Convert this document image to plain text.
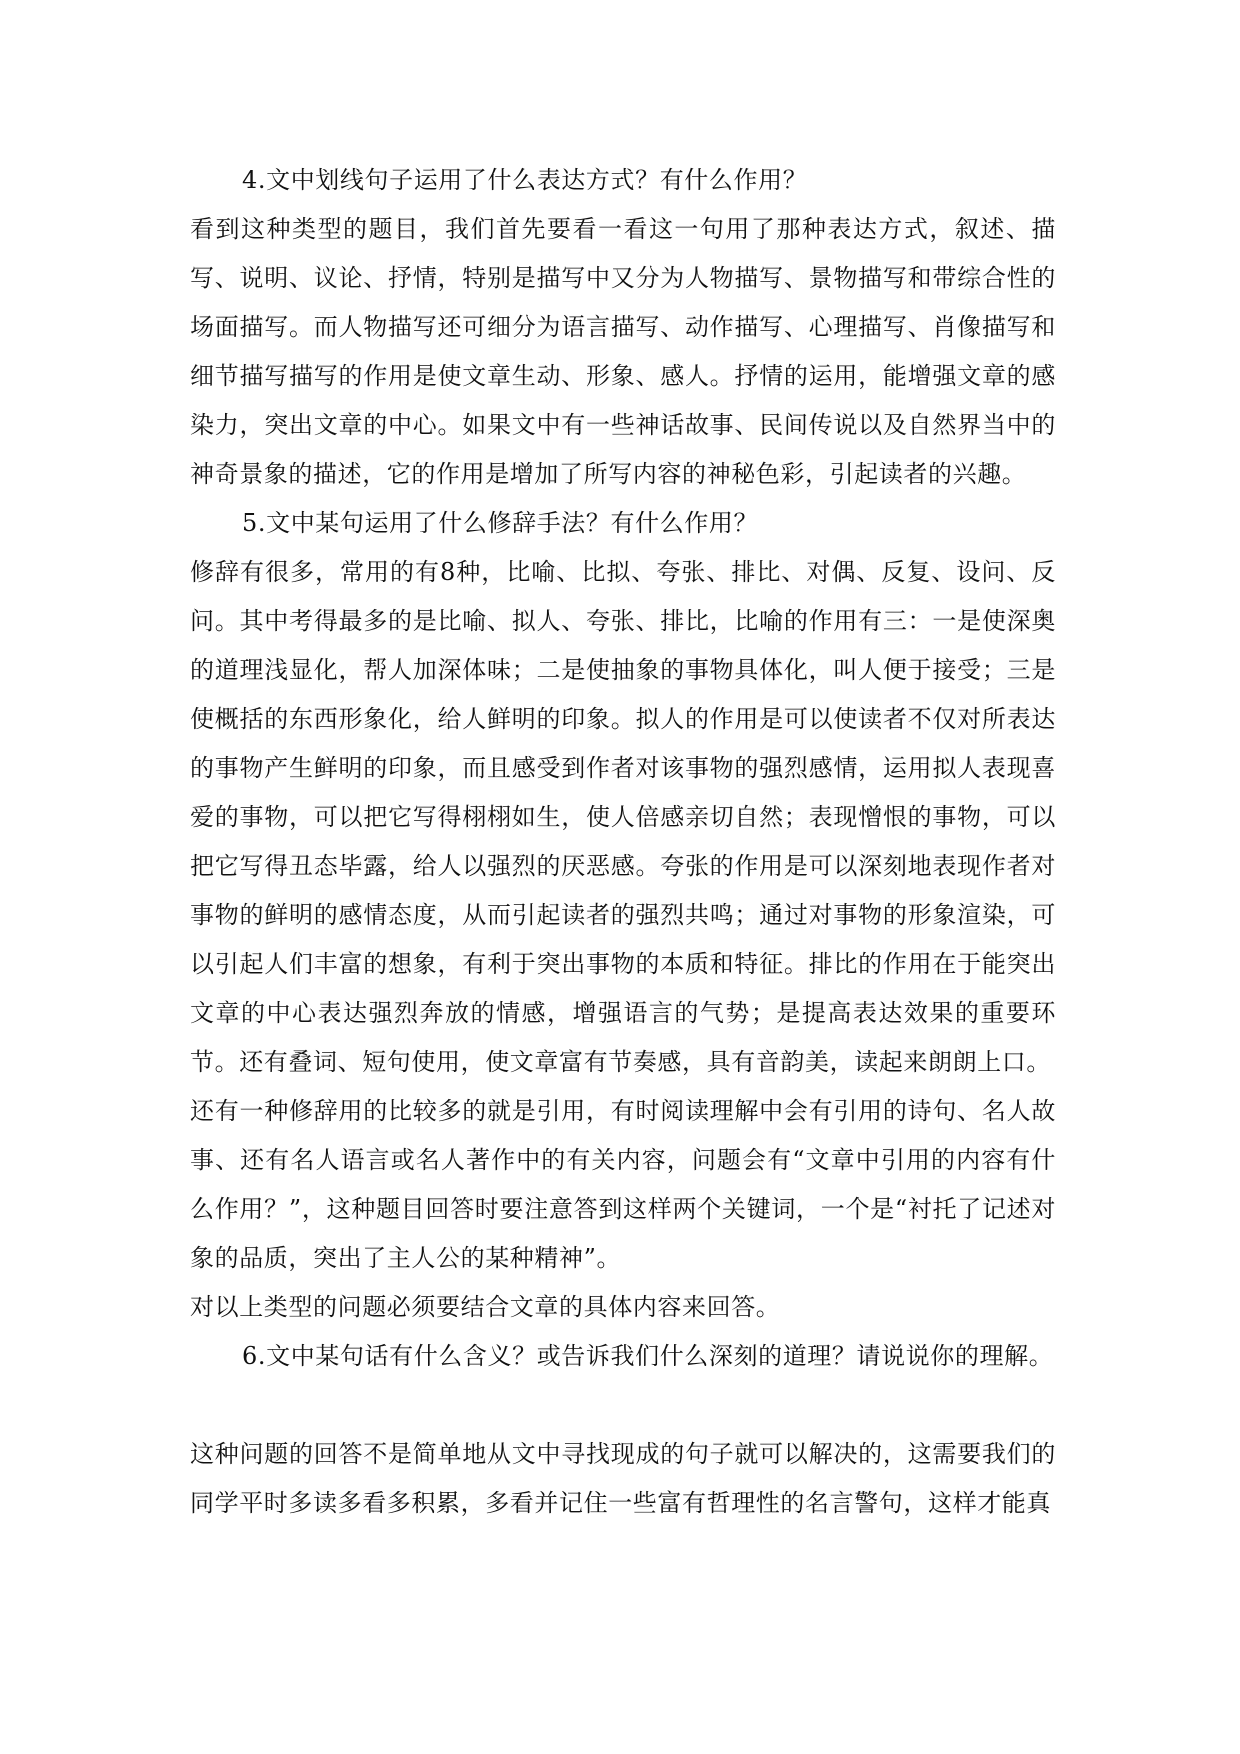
4.文中划线句子运用了什么表达方式？有什么作用？

看到这种类型的题目，我们首先要看一看这一句用了那种表达方式，叙述、描写、说明、议论、抒情，特别是描写中又分为人物描写、景物描写和带综合性的场面描写。而人物描写还可细分为语言描写、动作描写、心理描写、肖像描写和细节描写描写的作用是使文章生动、形象、感人。抒情的运用，能增强文章的感染力，突出文章的中心。如果文中有一些神话故事、民间传说以及自然界当中的神奇景象的描述，它的作用是增加了所写内容的神秘色彩，引起读者的兴趣。

5.文中某句运用了什么修辞手法？有什么作用？

修辞有很多，常用的有8种，比喻、比拟、夸张、排比、对偶、反复、设问、反问。其中考得最多的是比喻、拟人、夸张、排比，比喻的作用有三：一是使深奥的道理浅显化，帮人加深体味；二是使抽象的事物具体化，叫人便于接受；三是使概括的东西形象化，给人鲜明的印象。拟人的作用是可以使读者不仅对所表达的事物产生鲜明的印象，而且感受到作者对该事物的强烈感情，运用拟人表现喜爱的事物，可以把它写得栩栩如生，使人倍感亲切自然；表现憎恨的事物，可以把它写得丑态毕露，给人以强烈的厌恶感。夸张的作用是可以深刻地表现作者对事物的鲜明的感情态度，从而引起读者的强烈共鸣；通过对事物的形象渲染，可以引起人们丰富的想象，有利于突出事物的本质和特征。排比的作用在于能突出文章的中心表达强烈奔放的情感，增强语言的气势；是提高表达效果的重要环节。还有叠词、短句使用，使文章富有节奏感，具有音韵美，读起来朗朗上口。

还有一种修辞用的比较多的就是引用，有时阅读理解中会有引用的诗句、名人故事、还有名人语言或名人著作中的有关内容，问题会有“文章中引用的内容有什么作用？”，这种题目回答时要注意答到这样两个关键词，一个是“衬托了记述对象的品质，突出了主人公的某种精神”。

对以上类型的问题必须要结合文章的具体内容来回答。

6.文中某句话有什么含义？或告诉我们什么深刻的道理？请说说你的理解。

这种问题的回答不是简单地从文中寻找现成的句子就可以解决的，这需要我们的同学平时多读多看多积累，多看并记住一些富有哲理性的名言警句，这样才能真
